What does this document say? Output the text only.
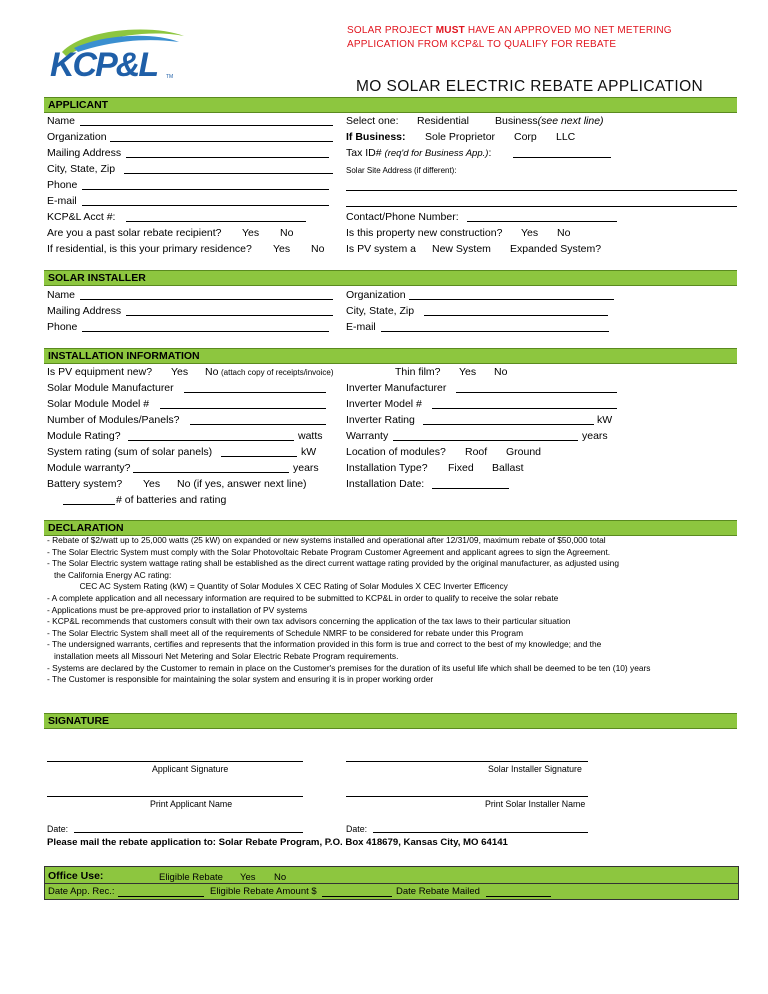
SOLAR PROJECT MUST HAVE AN APPROVED MO NET METERING
APPLICATION FROM KCP&L TO QUALIFY FOR REBATE
KCP&L TM
MO SOLAR ELECTRIC REBATE APPLICATION
APPLICANT
Name
Organization
Mailing Address
City, State, Zip
Phone
E-mail
KCP&L Acct #:
Are you a past solar rebate recipient? Yes No
If residential, is this your primary residence? Yes No
Select one: Residential Business(see next line)
If Business: Sole Proprietor Corp LLC
Tax ID# (req'd for Business App.):
Solar Site Address (if different):
Contact/Phone Number:
Is this property new construction? Yes No
Is PV system a New System Expanded System?
SOLAR INSTALLER
Name
Mailing Address
Phone
Organization
City, State, Zip
E-mail
INSTALLATION INFORMATION
Is PV equipment new? Yes No (attach copy of receipts/invoice)	Thin film? Yes No
Solar Module Manufacturer
Solar Module Model #
Number of Modules/Panels?
Module Rating?	watts
System rating (sum of solar panels)	kW
Module warranty?	years
Battery system? Yes No (if yes, answer next line)
# of batteries and rating
Inverter Manufacturer
Inverter Model #
Inverter Rating	kW
Warranty	years
Location of modules? Roof Ground
Installation Type? Fixed Ballast
Installation Date:
DECLARATION
- Rebate of $2/watt up to 25,000 watts (25 kW) on expanded or new systems installed and operational after 12/31/09, maximum rebate of $50,000 total
- The Solar Electric System must comply with the Solar Photovoltaic Rebate Program Customer Agreement and applicant agrees to sign the Agreement.
- The Solar Electric system wattage rating shall be established as the direct current wattage rating provided by the original manufacturer, as adjusted using
the California Energy AC rating:
CEC AC System Rating (kW) = Quantity of Solar Modules X CEC Rating of Solar Modules X CEC Inverter Efficency
- A complete application and all necessary information are required to be submitted to KCP&L in order to qualify to receive the solar rebate
- Applications must be pre-approved prior to installation of PV systems
- KCP&L recommends that customers consult with their own tax advisors concerning the application of the tax laws to their particular situation
- The Solar Electric System shall meet all of the requirements of Schedule NMRF to be considered for rebate under this Program
- The undersigned warrants, certifies and represents that the information provided in this form is true and correct to the best of my knowledge; and the
installation meets all Missouri Net Metering and Solar Electric Rebate Program requirements.
- Systems are declared by the Customer to remain in place on the Customer's premises for the duration of its useful life which shall be deemed to be ten (10) years
- The Customer is responsible for maintaining the solar system and ensuring it is in proper working order
SIGNATURE
Applicant Signature	Solar Installer Signature
Print Applicant Name	Print Solar Installer Name
Date:	Date:
Please mail the rebate application to: Solar Rebate Program, P.O. Box 418679, Kansas City, MO 64141
Office Use:	Eligible Rebate Yes No
Date App. Rec.:	Eligible Rebate Amount $	Date Rebate Mailed
